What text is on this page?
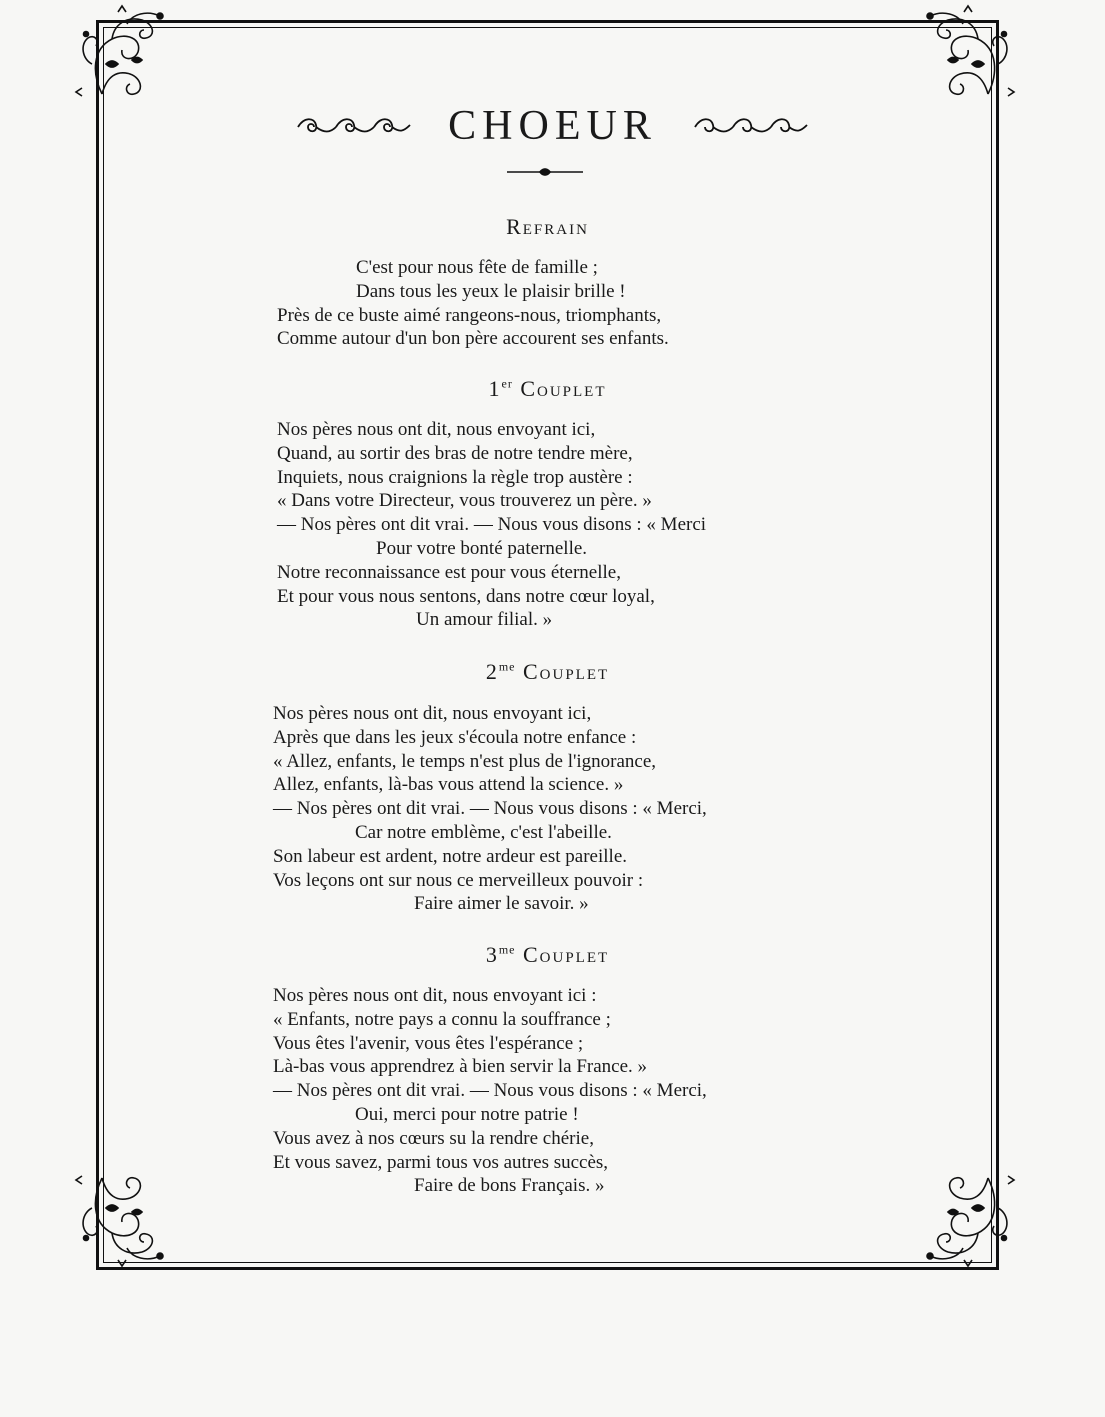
CHOEUR
Refrain
C'est pour nous fête de famille ;
Dans tous les yeux le plaisir brille !
Près de ce buste aimé rangeons-nous, triomphants,
Comme autour d'un bon père accourent ses enfants.
1er Couplet
Nos pères nous ont dit, nous envoyant ici,
Quand, au sortir des bras de notre tendre mère,
Inquiets, nous craignions la règle trop austère :
« Dans votre Directeur, vous trouverez un père. »
— Nos pères ont dit vrai. — Nous vous disons : « Merci
Pour votre bonté paternelle.
Notre reconnaissance est pour vous éternelle,
Et pour vous nous sentons, dans notre cœur loyal,
Un amour filial. »
$2^{me}$ Couplet
Nos pères nous ont dit, nous envoyant ici,
Après que dans les jeux s'écoula notre enfance :
« Allez, enfants, le temps n'est plus de l'ignorance,
Allez, enfants, là-bas vous attend la science. »
— Nos pères ont dit vrai. — Nous vous disons : « Merci,
Car notre emblème, c'est l'abeille.
Son labeur est ardent, notre ardeur est pareille.
Vos leçons ont sur nous ce merveilleux pouvoir :
Faire aimer le savoir. »
$3^{me}$ Couplet
Nos pères nous ont dit, nous envoyant ici :
« Enfants, notre pays a connu la souffrance ;
Vous êtes l'avenir, vous êtes l'espérance ;
Là-bas vous apprendrez à bien servir la France. »
— Nos pères ont dit vrai. — Nous vous disons : « Merci,
Oui, merci pour notre patrie !
Vous avez à nos cœurs su la rendre chérie,
Et vous savez, parmi tous vos autres succès,
Faire de bons Français. »
